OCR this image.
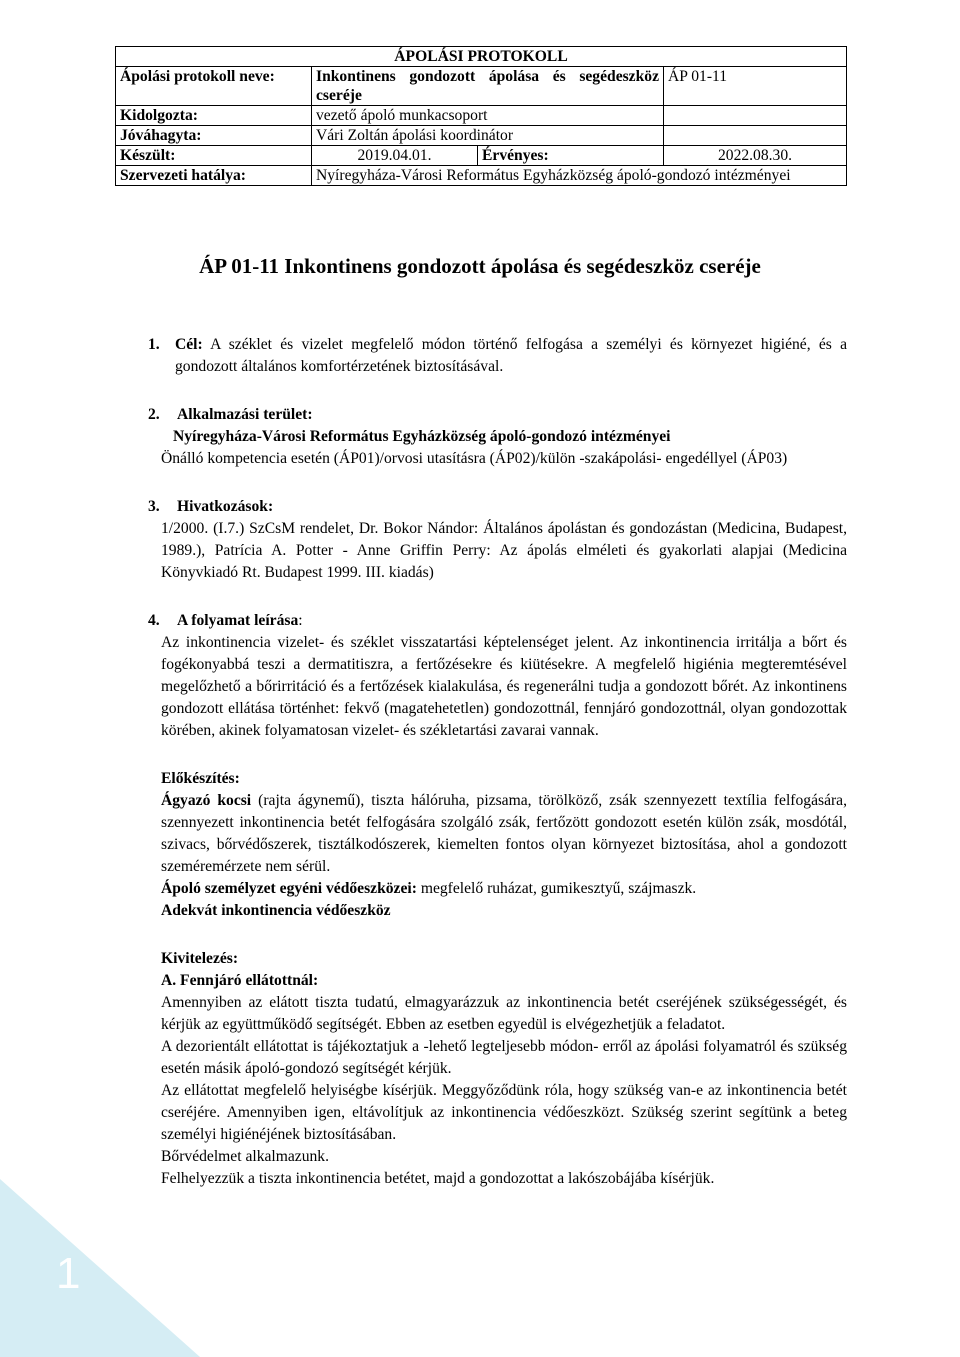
1
ÁPOLÁSI PROTOKOLL			
Ápolási protokoll neve:	Inkontinens gondozott ápolása és segédeszköz cseréje		ÁP 01-11
Kidolgozta:	vezető ápoló munkacsoport		
Jóváhagyta:	Vári Zoltán ápolási koordinátor		
Készült:	2019.04.01.	Érvényes:	2022.08.30.
Szervezeti hatálya:	Nyíregyháza-Városi Református Egyházközség ápoló-gondozó intézményei		
ÁP 01-11 Inkontinens gondozott ápolása és segédeszköz cseréje
1. Cél: A széklet és vizelet megfelelő módon történő felfogása a személyi és környezet higiéné, és a gondozott általános komfortérzetének biztosításával.

2.	Alkalmazási terület:

Nyíregyháza-Városi Református Egyházközség ápoló-gondozó intézményei

Önálló kompetencia esetén (ÁP01)/orvosi utasításra (ÁP02)/külön -szakápolási- engedéllyel (ÁP03)

3.	Hivatkozások:

1/2000. (I.7.) SzCsM rendelet, Dr. Bokor Nándor: Általános ápolástan és gondozástan (Medicina, Budapest, 1989.), Patrícia A. Potter - Anne Griffin Perry: Az ápolás elméleti és gyakorlati alapjai (Medicina Könyvkiadó Rt. Budapest 1999. III. kiadás)

4.	A folyamat leírása:

Az inkontinencia vizelet- és széklet visszatartási képtelenséget jelent. Az inkontinencia irritálja a bőrt és fogékonyabbá teszi a dermatitiszra, a fertőzésekre és kiütésekre. A megfelelő higiénia megteremtésével megelőzhető a bőrirritáció és a fertőzések kialakulása, és regenerálni tudja a gondozott bőrét. Az inkontinens gondozott ellátása történhet: fekvő (magatehetetlen) gondozottnál, fennjáró gondozottnál, olyan gondozottak körében, akinek folyamatosan vizelet- és székletartási zavarai vannak.

Előkészítés:

Ágyazó kocsi (rajta ágynemű), tiszta hálóruha, pizsama, törölköző, zsák szennyezett textília felfogására, szennyezett inkontinencia betét felfogására szolgáló zsák, fertőzött gondozott esetén külön zsák, mosdótál, szivacs, bőrvédőszerek, tisztálkodószerek, kiemelten fontos olyan környezet biztosítása, ahol a gondozott szeméremérzete nem sérül.

Ápoló személyzet egyéni védőeszközei: megfelelő ruházat, gumikesztyű, szájmaszk.

Adekvát inkontinencia védőeszköz

Kivitelezés:

A. Fennjáró ellátottnál:

Amennyiben az elátott tiszta tudatú, elmagyarázzuk az inkontinencia betét cseréjének szükségességét, és kérjük az együttműködő segítségét. Ebben az esetben egyedül is elvégezhetjük a feladatot.

A dezorientált ellátottat is tájékoztatjuk a -lehető legteljesebb módon- erről az ápolási folyamatról és szükség esetén másik ápoló-gondozó segítségét kérjük.

Az ellátottat megfelelő helyiségbe kísérjük. Meggyőződünk róla, hogy szükség van-e az inkontinencia betét cseréjére. Amennyiben igen, eltávolítjuk az inkontinencia védőeszközt. Szükség szerint segítünk a beteg személyi higiénéjének biztosításában.

Bőrvédelmet alkalmazunk.

Felhelyezzük a tiszta inkontinencia betétet, majd a gondozottat a lakószobájába kísérjük.
